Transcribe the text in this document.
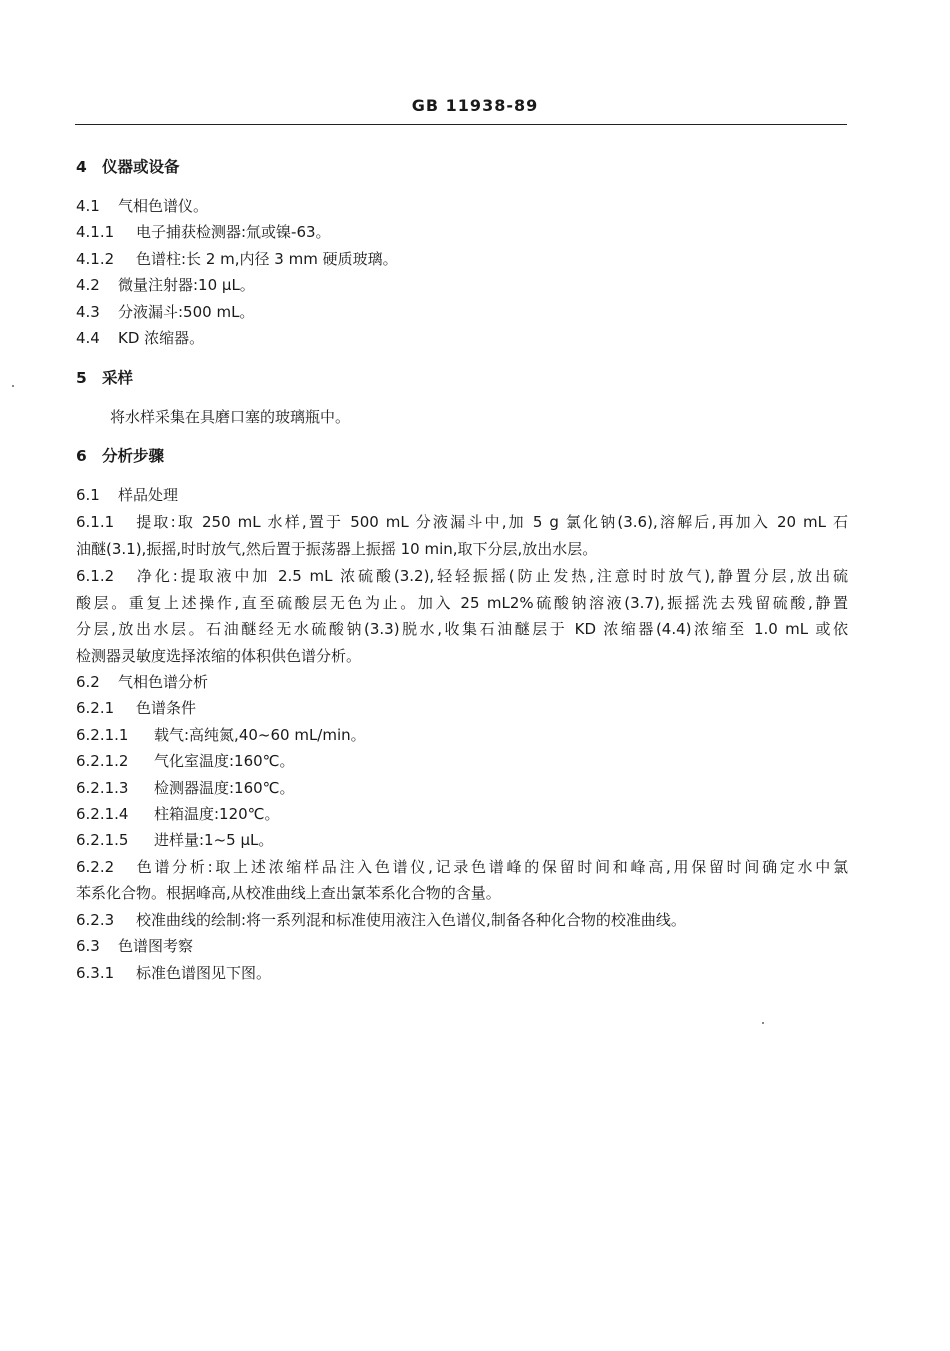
GB 11938-89
4 仪器或设备
4.1 气相色谱仪。
4.1.1 电子捕获检测器:氚或镍-63。
4.1.2 色谱柱:长 2 m,内径 3 mm 硬质玻璃。
4.2 微量注射器:10 μL。
4.3 分液漏斗:500 mL。
4.4 KD 浓缩器。
5 采样
将水样采集在具磨口塞的玻璃瓶中。
6 分析步骤
6.1 样品处理
6.1.1 提取:取 250 mL 水样,置于 500 mL 分液漏斗中,加 5 g 氯化钠(3.6),溶解后,再加入 20 mL 石
油醚(3.1),振摇,时时放气,然后置于振荡器上振摇 10 min,取下分层,放出水层。
6.1.2 净化:提取液中加 2.5 mL 浓硫酸(3.2),轻轻振摇(防止发热,注意时时放气),静置分层,放出硫
酸层。重复上述操作,直至硫酸层无色为止。加入 25 mL2%硫酸钠溶液(3.7),振摇洗去残留硫酸,静置
分层,放出水层。石油醚经无水硫酸钠(3.3)脱水,收集石油醚层于 KD 浓缩器(4.4)浓缩至 1.0 mL 或依
检测器灵敏度选择浓缩的体积供色谱分析。
6.2 气相色谱分析
6.2.1 色谱条件
6.2.1.1 载气:高纯氮,40~60 mL/min。
6.2.1.2 气化室温度:160℃。
6.2.1.3 检测器温度:160℃。
6.2.1.4 柱箱温度:120℃。
6.2.1.5 进样量:1~5 μL。
6.2.2 色谱分析:取上述浓缩样品注入色谱仪,记录色谱峰的保留时间和峰高,用保留时间确定水中氯
苯系化合物。根据峰高,从校准曲线上查出氯苯系化合物的含量。
6.2.3 校准曲线的绘制:将一系列混和标准使用液注入色谱仪,制备各种化合物的校准曲线。
6.3 色谱图考察
6.3.1 标准色谱图见下图。
